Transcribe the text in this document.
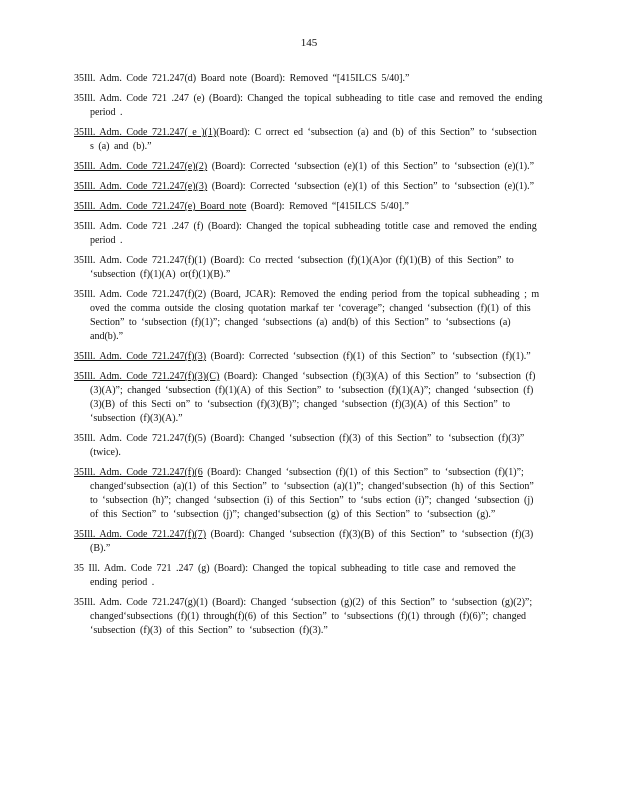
145

35Ill. Adm. Code 721.247(d) Board note (Board): Removed “[415ILCS 5/40].”

35Ill. Adm. Code 721 .247 (e) (Board): Changed the topical subheading to title case and removed the ending period .

35Ill. Adm. Code 721.247( e )(1)(Board): C orrect ed ‘subsection (a) and (b) of this Section” to ‘subsection s (a) and (b).”

35Ill. Adm. Code 721.247(e)(2) (Board): Corrected ‘subsection (e)(1) of this Section” to ‘subsection (e)(1).”

35Ill. Adm. Code 721.247(e)(3) (Board): Corrected ‘subsection (e)(1) of this Section” to ‘subsection (e)(1).”

35Ill. Adm. Code 721.247(e) Board note (Board): Removed “[415ILCS 5/40].”

35Ill. Adm. Code 721 .247 (f) (Board): Changed the topical subheading totitle case and removed the ending period .

35Ill. Adm. Code 721.247(f)(1) (Board): Co rrected ‘subsection (f)(1)(A)or (f)(1)(B) of this Section” to ‘subsection (f)(1)(A) or(f)(1)(B).”

35Ill. Adm. Code 721.247(f)(2) (Board, JCAR): Removed the ending period from the topical subheading ; m oved the comma outside the closing quotation markaf ter ‘coverage”; changed ‘subsection (f)(1) of this Section” to ‘subsection (f)(1)”; changed ‘subsections (a) and(b) of this Section” to ‘subsections (a) and(b).”

35Ill. Adm. Code 721.247(f)(3) (Board): Corrected ‘subsection (f)(1) of this Section” to ‘subsection (f)(1).”

35Ill. Adm. Code 721.247(f)(3)(C) (Board): Changed ‘subsection (f)(3)(A) of this Section” to ‘subsection (f)(3)(A)”; changed ‘subsection (f)(1)(A) of this Section” to ‘subsection (f)(1)(A)”; changed ‘subsection (f)(3)(B) of this Secti on” to ‘subsection (f)(3)(B)”; changed ‘subsection (f)(3)(A) of this Section” to ‘subsection (f)(3)(A).”

35Ill. Adm. Code 721.247(f)(5) (Board): Changed ‘subsection (f)(3) of this Section” to ‘subsection (f)(3)” (twice).

35Ill. Adm. Code 721.247(f)(6 (Board): Changed ‘subsection (f)(1) of this Section” to ‘subsection (f)(1)”; changed‘subsection (a)(1) of this Section” to ‘subsection (a)(1)”; changed‘subsection (h) of this Section” to ‘subsection (h)”; changed ‘subsection (i) of this Section” to ‘subs ection (i)”; changed ‘subsection (j) of this Section” to ‘subsection (j)”; changed‘subsection (g) of this Section” to ‘subsection (g).”

35Ill. Adm. Code 721.247(f)(7) (Board): Changed ‘subsection (f)(3)(B) of this Section” to ‘subsection (f)(3)(B).”

35 Ill. Adm. Code 721 .247 (g) (Board): Changed the topical subheading to title case and removed the ending period .

35Ill. Adm. Code 721.247(g)(1) (Board): Changed ‘subsection (g)(2) of this Section” to ‘subsection (g)(2)”; changed‘subsections (f)(1) through(f)(6) of this Section” to ‘subsections (f)(1) through (f)(6)”; changed ‘subsection (f)(3) of this Section” to ‘subsection (f)(3).”
